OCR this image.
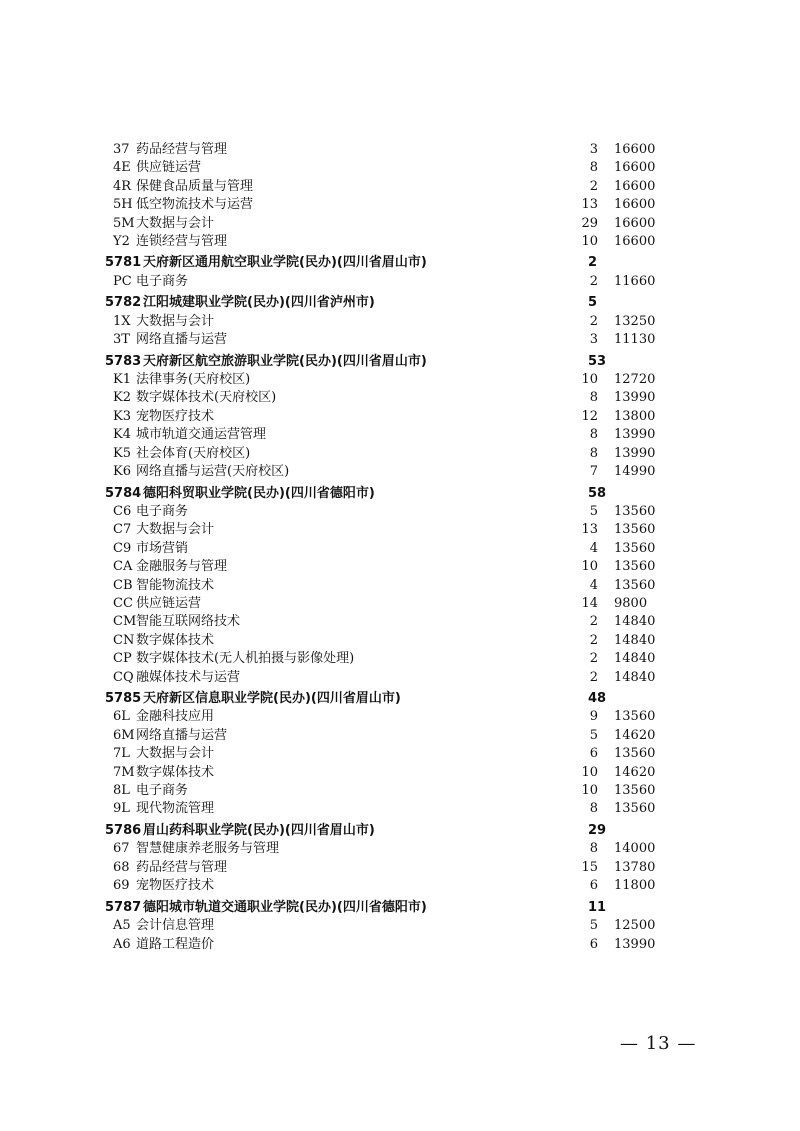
37 药品经营与管理	3 16600
4E 供应链运营	8 16600
4R 保健食品质量与管理	2 16600
5H 低空物流技术与运营	13 16600
5M 大数据与会计	29 16600
Y2 连锁经营与管理	10 16600
5781 天府新区通用航空职业学院(民办)(四川省眉山市)	2
PC 电子商务	2 11660
5782 江阳城建职业学院(民办)(四川省泸州市)	5
1X 大数据与会计	2 13250
3T 网络直播与运营	3 11130
5783 天府新区航空旅游职业学院(民办)(四川省眉山市)	53
K1 法律事务(天府校区)	10 12720
K2 数字媒体技术(天府校区)	8 13990
K3 宠物医疗技术	12 13800
K4 城市轨道交通运营管理	8 13990
K5 社会体育(天府校区)	8 13990
K6 网络直播与运营(天府校区)	7 14990
5784 德阳科贸职业学院(民办)(四川省德阳市)	58
C6 电子商务	5 13560
C7 大数据与会计	13 13560
C9 市场营销	4 13560
CA 金融服务与管理	10 13560
CB 智能物流技术	4 13560
CC 供应链运营	14 9800
CM 智能互联网络技术	2 14840
CN 数字媒体技术	2 14840
CP 数字媒体技术(无人机拍摄与影像处理)	2 14840
CQ 融媒体技术与运营	2 14840
5785 天府新区信息职业学院(民办)(四川省眉山市)	48
6L 金融科技应用	9 13560
6M 网络直播与运营	5 14620
7L 大数据与会计	6 13560
7M 数字媒体技术	10 14620
8L 电子商务	10 13560
9L 现代物流管理	8 13560
5786 眉山药科职业学院(民办)(四川省眉山市)	29
67 智慧健康养老服务与管理	8 14000
68 药品经营与管理	15 13780
69 宠物医疗技术	6 11800
5787 德阳城市轨道交通职业学院(民办)(四川省德阳市)	11
A5 会计信息管理	5 12500
A6 道路工程造价	6 13990
— 13 —
